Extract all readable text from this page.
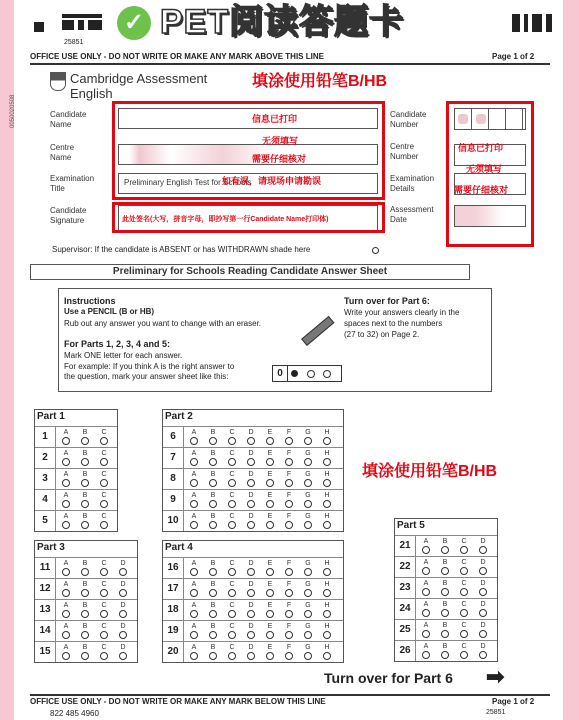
25851
✓ PET阅读答题卡
OFFICE USE ONLY - DO NOT WRITE OR MAKE ANY MARK ABOVE THIS LINE	Page 1 of 2
Cambridge Assessment
English
填涂使用铅笔B/HB
0050020508	Candidate Name
Centre Name
Examination Title
Candidate Signature
Preliminary English Test for Schools
信息已打印
无须填写
需要仔细核对
如有误，请现场申请勘误
此处签名(大写，拼音字母，即抄写第一行Candidate Name打印体)
Candidate Number
Centre Number
Examination Details
Assessment Date
信息已打印
无须填写
需要仔细核对
Supervisor: If the candidate is ABSENT or has WITHDRAWN shade here
Preliminary for Schools Reading Candidate Answer Sheet
Instructions
Use a PENCIL (B or HB)
Rub out any answer you want to change with an eraser.
For Parts 1, 2, 3, 4 and 5:
Mark ONE letter for each answer.
For example: If you think A is the right answer to
the question, mark your answer sheet like this:	0
Turn over for Part 6:
Write your answers clearly in the
spaces next to the numbers
(27 to 32) on Page 2.
填涂使用铅笔B/HB
Part 1
1	A	B	C
2	A	B	C
3	A	B	C
4	A	B	C
5	A	B	C
Part 2
6	A	B	C	D	E	F	G	H
7	A	B	C	D	E	F	G	H
8	A	B	C	D	E	F	G	H
9	A	B	C	D	E	F	G	H
10	A	B	C	D	E	F	G	H
Part 3
11	A	B	C	D
12	A	B	C	D
13	A	B	C	D
14	A	B	C	D
15	A	B	C	D
Part 4
16	A	B	C	D	E	F	G	H
17	A	B	C	D	E	F	G	H
18	A	B	C	D	E	F	G	H
19	A	B	C	D	E	F	G	H
20	A	B	C	D	E	F	G	H
Part 5
21	A	B	C	D
22	A	B	C	D
23	A	B	C	D
24	A	B	C	D
25	A	B	C	D
26	A	B	C	D
Turn over for Part 6 ➡
OFFICE USE ONLY - DO NOT WRITE OR MAKE ANY MARK BELOW THIS LINE	Page 1 of 2
822 485 4960	25851
